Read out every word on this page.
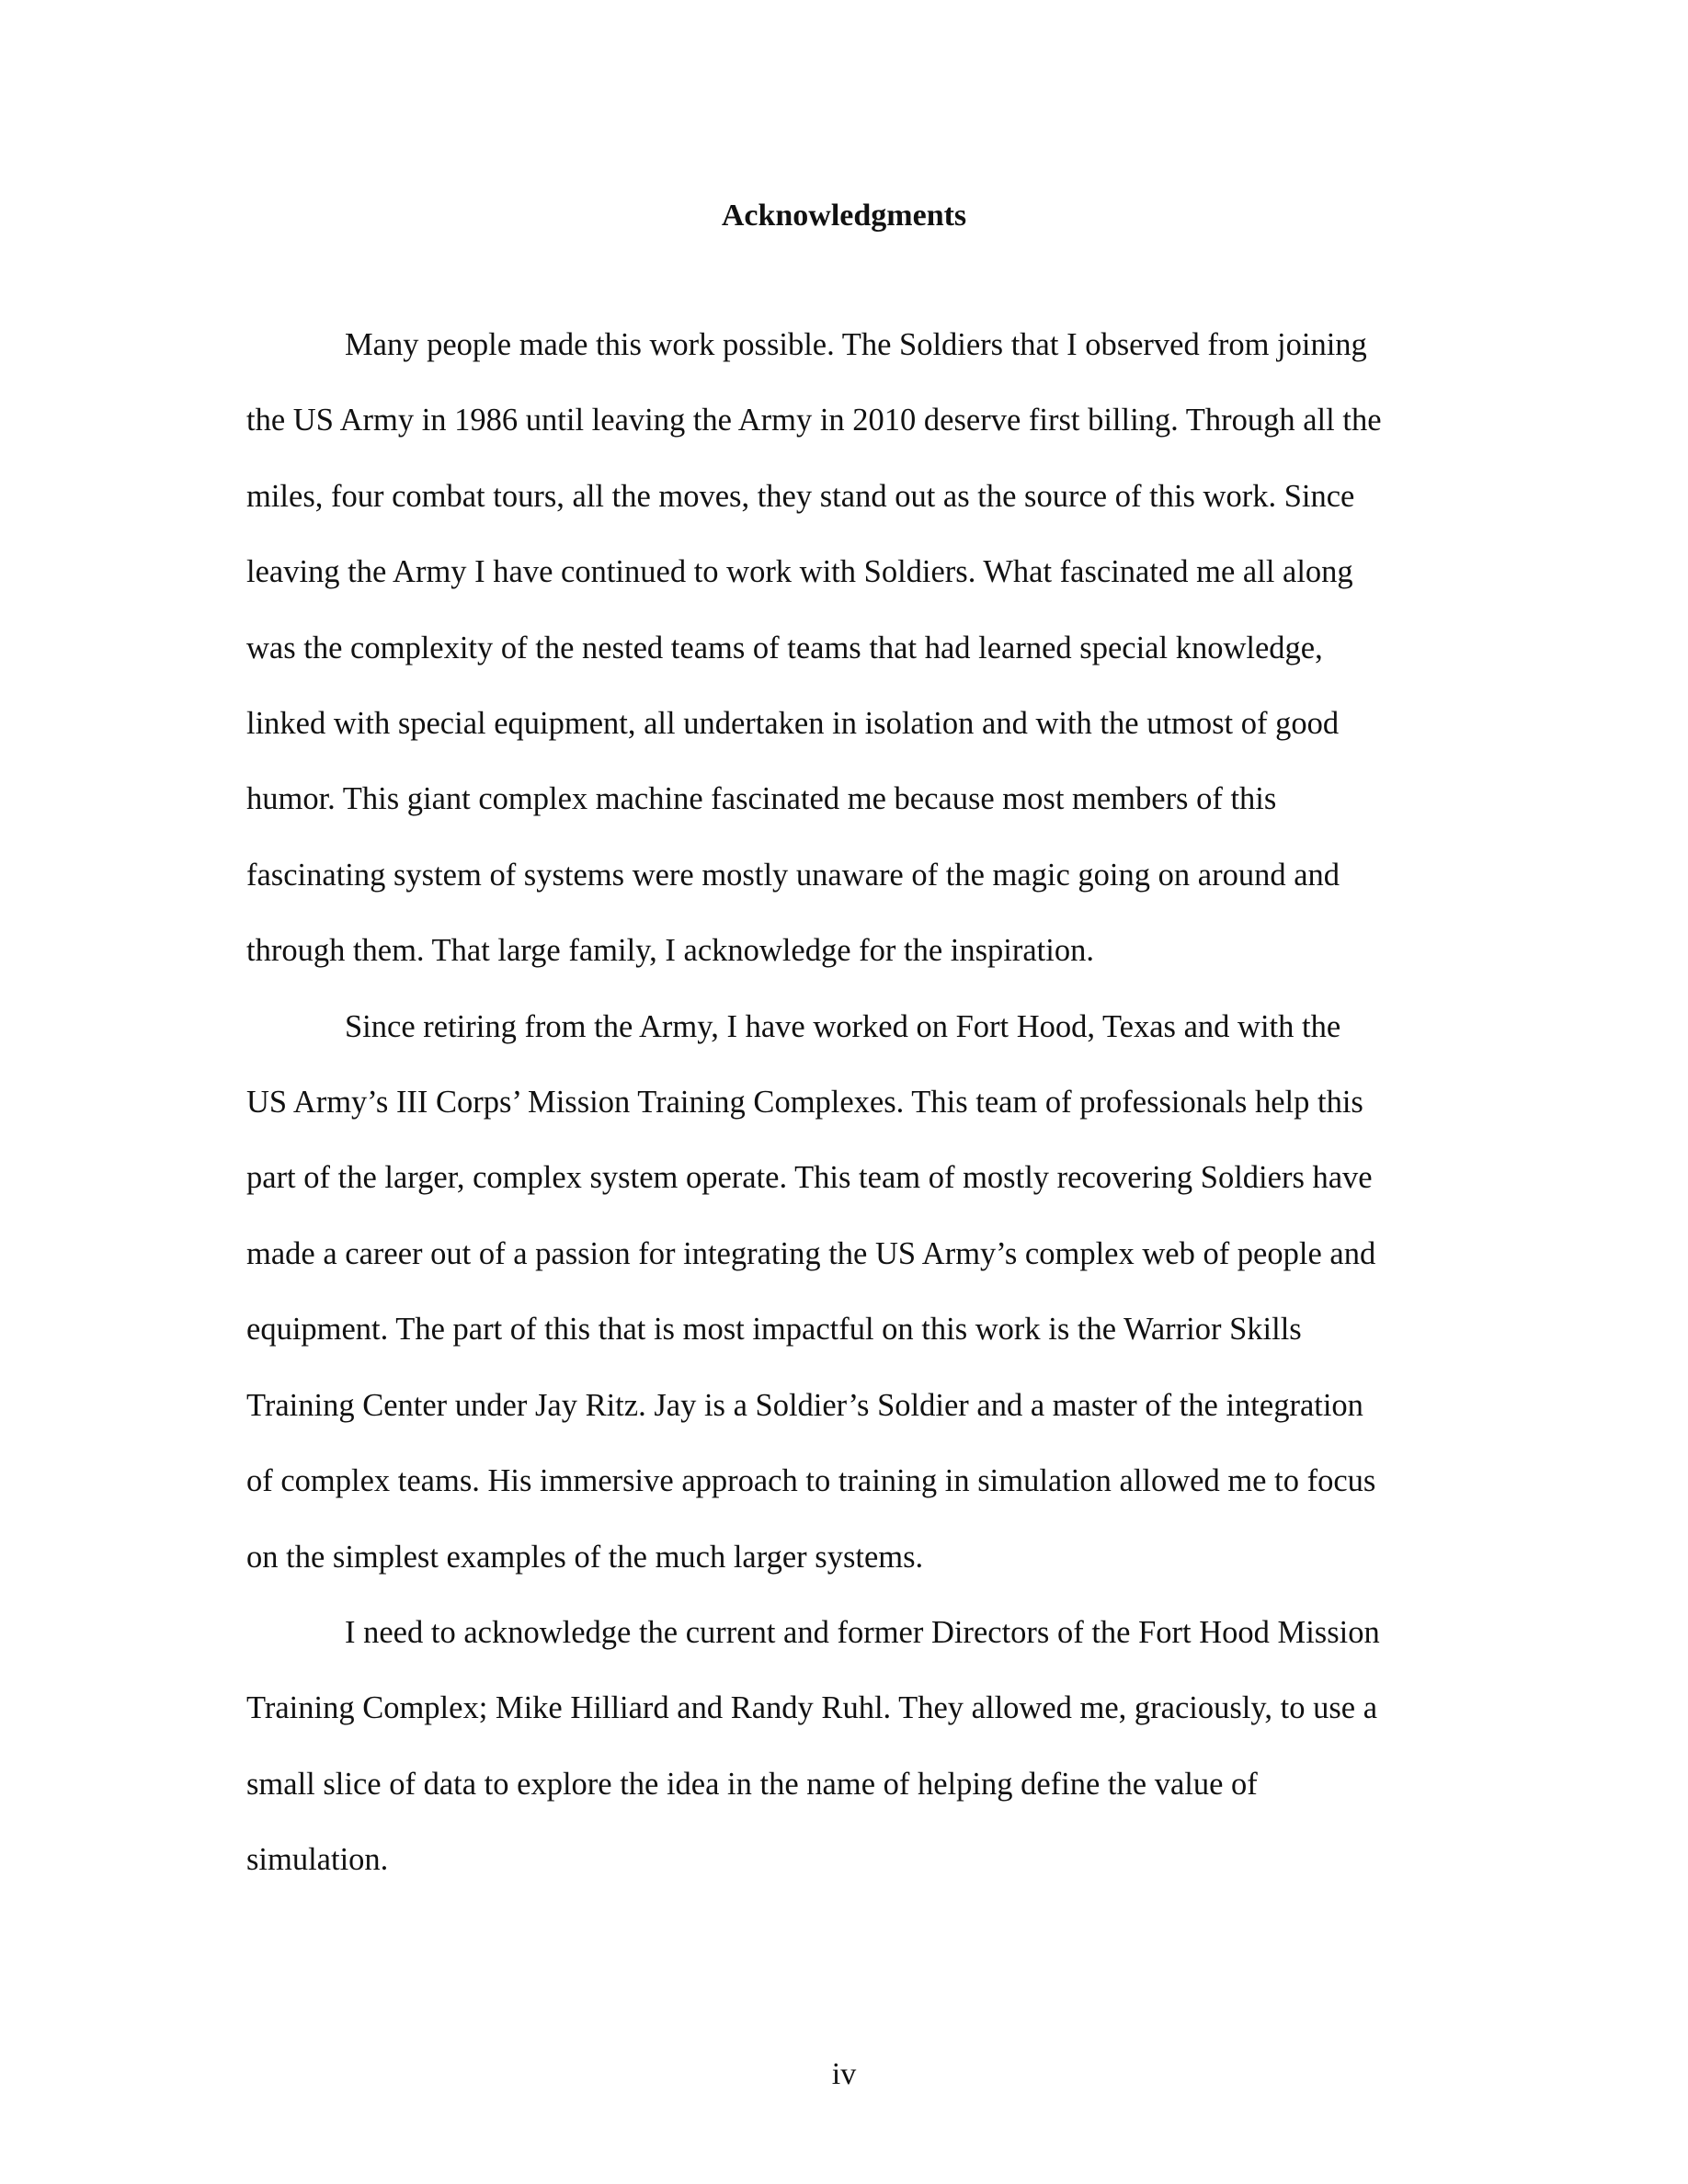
Acknowledgments

Many people made this work possible. The Soldiers that I observed from joining
the US Army in 1986 until leaving the Army in 2010 deserve first billing. Through all the
miles, four combat tours, all the moves, they stand out as the source of this work. Since
leaving the Army I have continued to work with Soldiers. What fascinated me all along
was the complexity of the nested teams of teams that had learned special knowledge,
linked with special equipment, all undertaken in isolation and with the utmost of good
humor. This giant complex machine fascinated me because most members of this
fascinating system of systems were mostly unaware of the magic going on around and
through them. That large family, I acknowledge for the inspiration.

Since retiring from the Army, I have worked on Fort Hood, Texas and with the
US Army’s III Corps’ Mission Training Complexes. This team of professionals help this
part of the larger, complex system operate. This team of mostly recovering Soldiers have
made a career out of a passion for integrating the US Army’s complex web of people and
equipment. The part of this that is most impactful on this work is the Warrior Skills
Training Center under Jay Ritz. Jay is a Soldier’s Soldier and a master of the integration
of complex teams. His immersive approach to training in simulation allowed me to focus
on the simplest examples of the much larger systems.

I need to acknowledge the current and former Directors of the Fort Hood Mission
Training Complex; Mike Hilliard and Randy Ruhl. They allowed me, graciously, to use a
small slice of data to explore the idea in the name of helping define the value of
simulation.

iv
